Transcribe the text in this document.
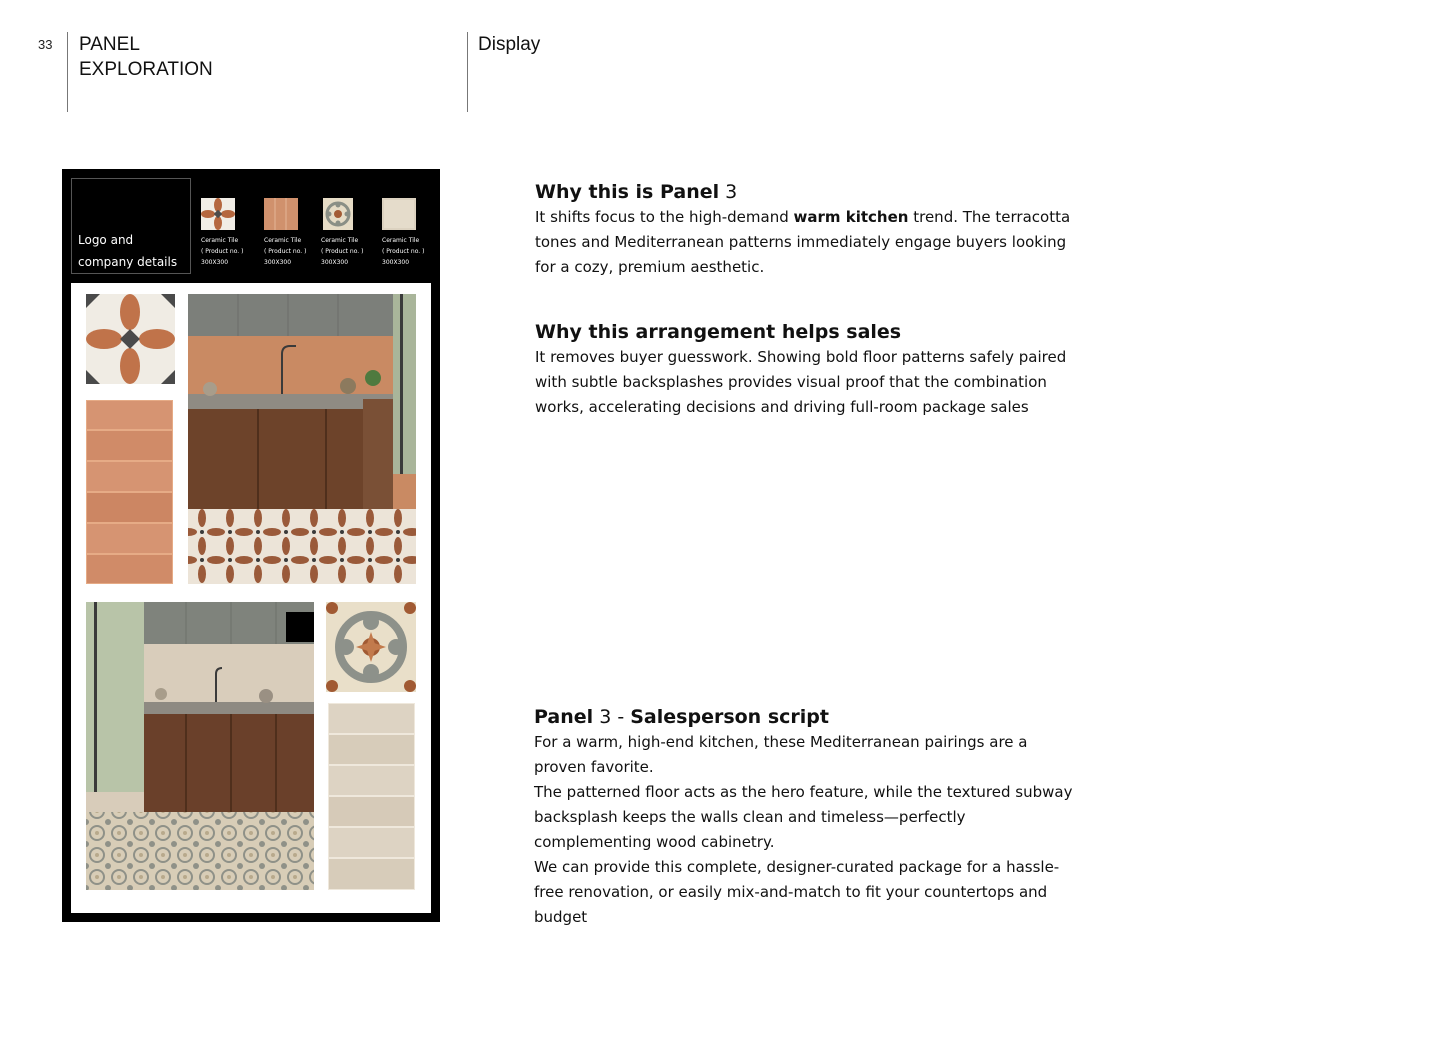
33 PANEL
EXPLORATION
Display
Logo and
company details
Ceramic Tile
( Product no. )
300X300
Ceramic Tile
( Product no. )
300X300
Ceramic Tile
( Product no. )
300X300
Ceramic Tile
( Product no. )
300X300

Why this is Panel 3

It shifts focus to the high-demand warm kitchen trend. The terracotta tones and Mediterranean patterns immediately engage buyers looking for a cozy, premium aesthetic.

Why this arrangement helps sales

It removes buyer guesswork. Showing bold floor patterns safely paired with subtle backsplashes provides visual proof that the combination works, accelerating decisions and driving full-room package sales

Panel 3 - Salesperson script

For a warm, high-end kitchen, these Mediterranean pairings are a proven favorite.

The patterned floor acts as the hero feature, while the textured subway backsplash keeps the walls clean and timeless—perfectly complementing wood cabinetry.

We can provide this complete, designer-curated package for a hassle-free renovation, or easily mix-and-match to fit your countertops and budget
